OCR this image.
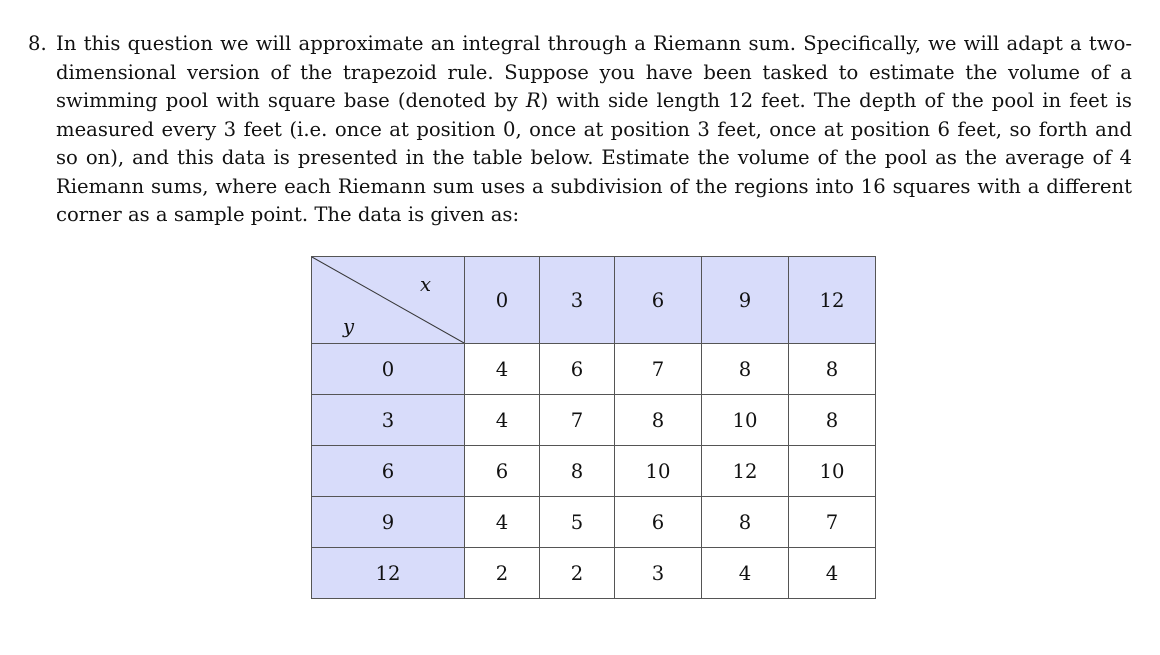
8. In this question we will approximate an integral through a Riemann sum. Specifically, we will adapt a two-dimensional version of the trapezoid rule. Suppose you have been tasked to estimate the volume of a swimming pool with square base (denoted by R) with side length 12 feet. The depth of the pool in feet is measured every 3 feet (i.e. once at position 0, once at position 3 feet, once at position 6 feet, so forth and so on), and this data is presented in the table below. Estimate the volume of the pool as the average of 4 Riemann sums, where each Riemann sum uses a subdivision of the regions into 16 squares with a different corner as a sample point. The data is given as:
x
y	0	3	6	9	12
0	4	6	7	8	8
3	4	7	8	10	8
6	6	8	10	12	10
9	4	5	6	8	7
12	2	2	3	4	4
